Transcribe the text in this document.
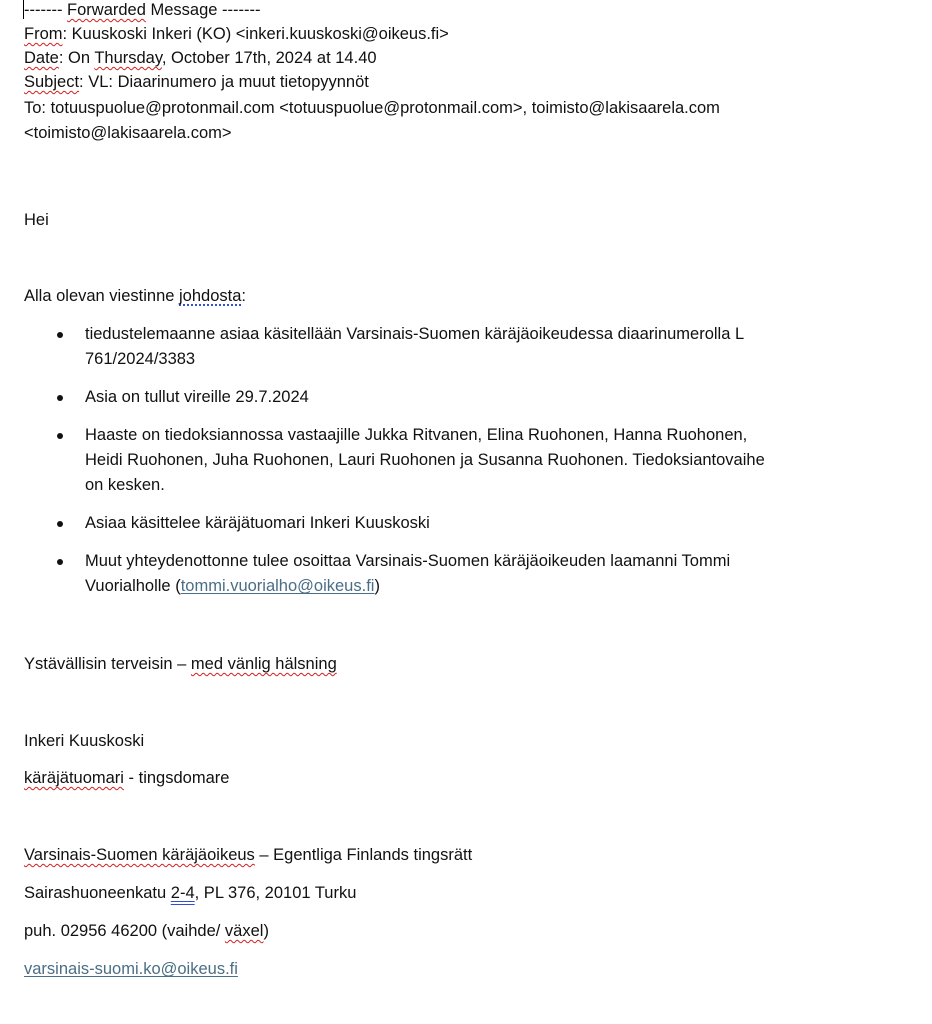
------- Forwarded Message -------
From: Kuuskoski Inkeri (KO) <inkeri.kuuskoski@oikeus.fi>
Date: On Thursday, October 17th, 2024 at 14.40
Subject: VL: Diaarinumero ja muut tietopyynnöt
To: totuuspuolue@protonmail.com <totuuspuolue@protonmail.com>, toimisto@lakisaarela.com
<toimisto@lakisaarela.com>
Hei
Alla olevan viestinne johdosta:
tiedustelemaanne asiaa käsitellään Varsinais-Suomen käräjäoikeudessa diaarinumerolla L
761/2024/3383
Asia on tullut vireille 29.7.2024
Haaste on tiedoksiannossa vastaajille Jukka Ritvanen, Elina Ruohonen, Hanna Ruohonen,
Heidi Ruohonen, Juha Ruohonen, Lauri Ruohonen ja Susanna Ruohonen. Tiedoksiantovaihe
on kesken.
Asiaa käsittelee käräjätuomari Inkeri Kuuskoski
Muut yhteydenottonne tulee osoittaa Varsinais-Suomen käräjäoikeuden laamanni Tommi
Vuorialholle (tommi.vuorialho@oikeus.fi)
Ystävällisin terveisin – med vänlig hälsning
Inkeri Kuuskoski
käräjätuomari - tingsdomare
Varsinais-Suomen käräjäoikeus – Egentliga Finlands tingsrätt
Sairashuoneenkatu 2-4, PL 376, 20101 Turku
puh. 02956 46200 (vaihde/ växel)
varsinais-suomi.ko@oikeus.fi
